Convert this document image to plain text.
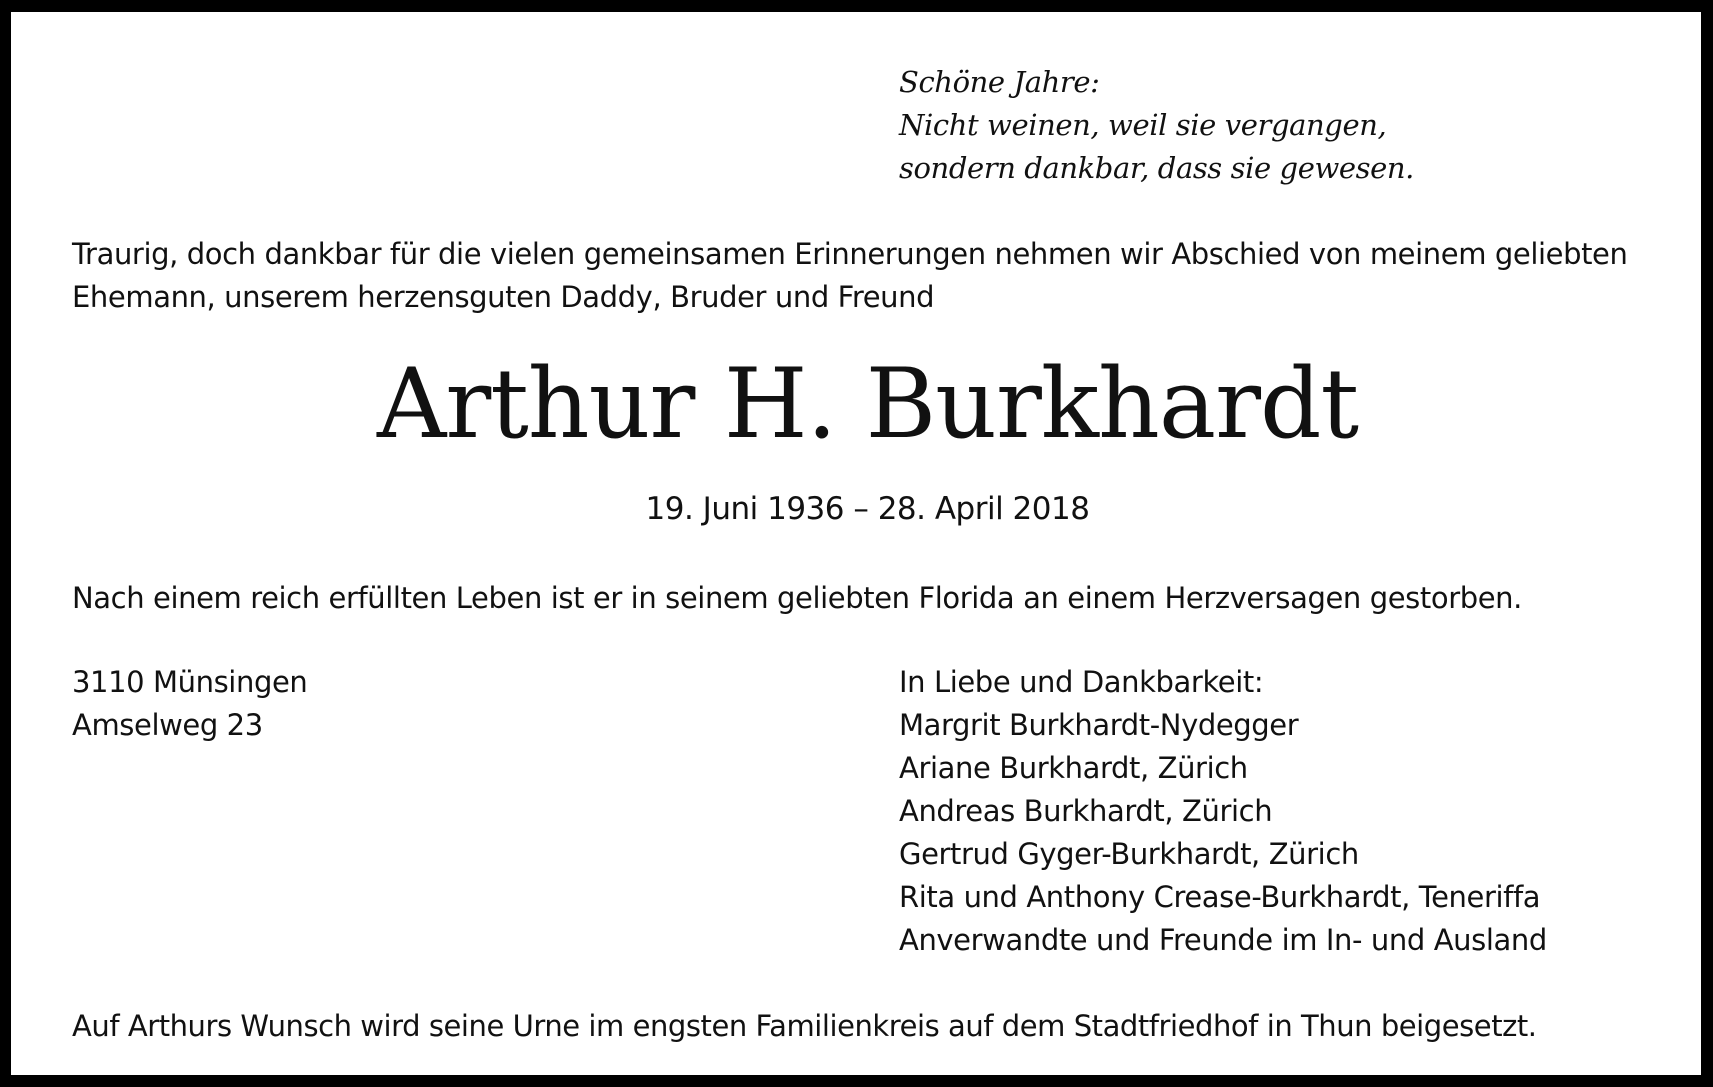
Schöne Jahre:
Nicht weinen, weil sie vergangen,
sondern dankbar, dass sie gewesen.
Traurig, doch dankbar für die vielen gemeinsamen Erinnerungen nehmen wir Abschied von meinem geliebten
Ehemann, unserem herzensguten Daddy, Bruder und Freund
Arthur H. Burkhardt
19. Juni 1936 – 28. April 2018
Nach einem reich erfüllten Leben ist er in seinem geliebten Florida an einem Herzversagen gestorben.
3110 Münsingen
Amselweg 23
In Liebe und Dankbarkeit:
Margrit Burkhardt-Nydegger
Ariane Burkhardt, Zürich
Andreas Burkhardt, Zürich
Gertrud Gyger-Burkhardt, Zürich
Rita und Anthony Crease-Burkhardt, Teneriffa
Anverwandte und Freunde im In- und Ausland
Auf Arthurs Wunsch wird seine Urne im engsten Familienkreis auf dem Stadtfriedhof in Thun beigesetzt.
